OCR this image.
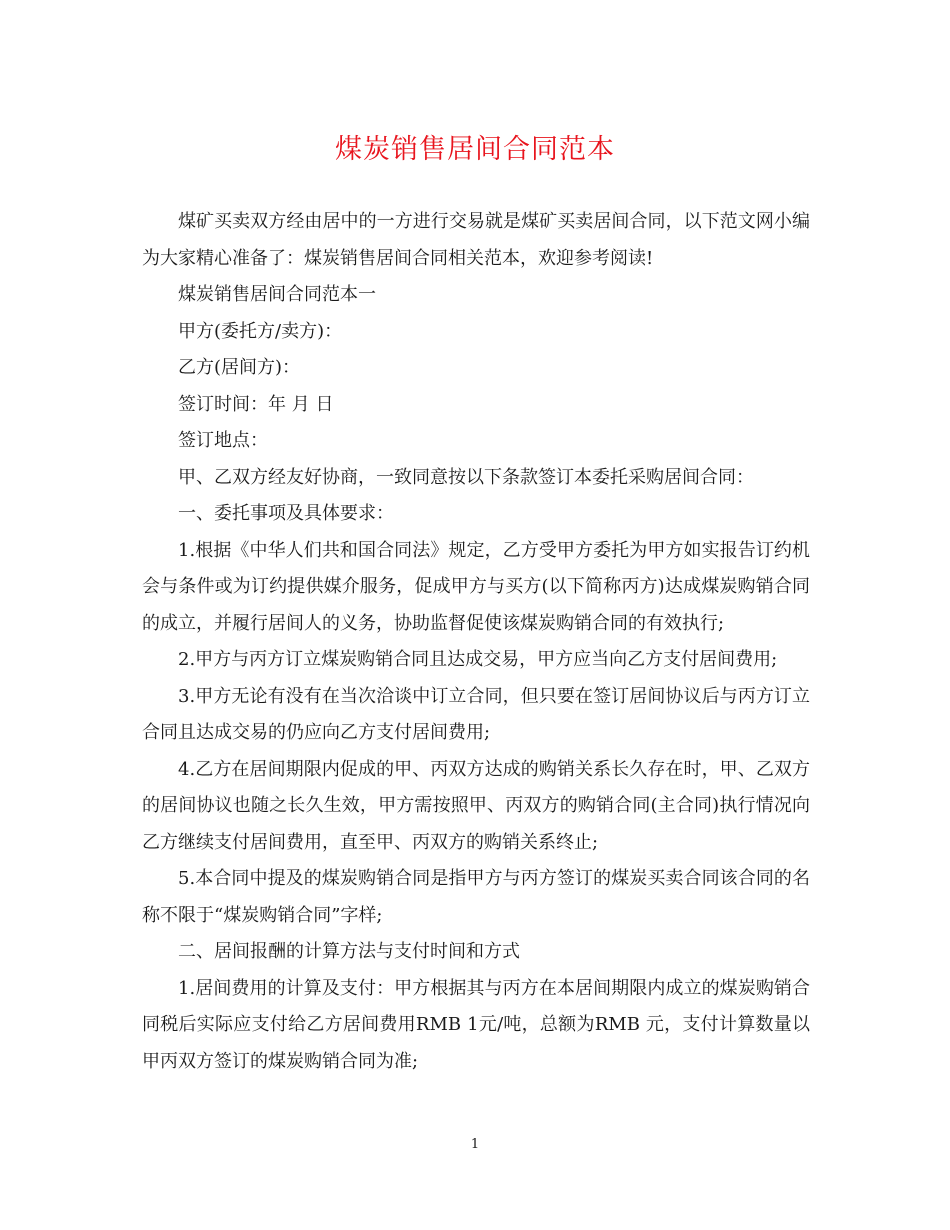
煤炭销售居间合同范本

煤矿买卖双方经由居中的一方进行交易就是煤矿买卖居间合同，以下范文网小编为大家精心准备了：煤炭销售居间合同相关范本，欢迎参考阅读!

煤炭销售居间合同范本一

甲方(委托方/卖方)：

乙方(居间方)：

签订时间：年 月 日

签订地点：

甲、乙双方经友好协商，一致同意按以下条款签订本委托采购居间合同：

一、委托事项及具体要求：

1.根据《中华人们共和国合同法》规定，乙方受甲方委托为甲方如实报告订约机会与条件或为订约提供媒介服务，促成甲方与买方(以下简称丙方)达成煤炭购销合同的成立，并履行居间人的义务，协助监督促使该煤炭购销合同的有效执行;

2.甲方与丙方订立煤炭购销合同且达成交易，甲方应当向乙方支付居间费用;

3.甲方无论有没有在当次洽谈中订立合同，但只要在签订居间协议后与丙方订立合同且达成交易的仍应向乙方支付居间费用;

4.乙方在居间期限内促成的甲、丙双方达成的购销关系长久存在时，甲、乙双方的居间协议也随之长久生效，甲方需按照甲、丙双方的购销合同(主合同)执行情况向乙方继续支付居间费用，直至甲、丙双方的购销关系终止;

5.本合同中提及的煤炭购销合同是指甲方与丙方签订的煤炭买卖合同该合同的名称不限于“煤炭购销合同”字样;

二、居间报酬的计算方法与支付时间和方式

1.居间费用的计算及支付：甲方根据其与丙方在本居间期限内成立的煤炭购销合同税后实际应支付给乙方居间费用RMB 1元/吨，总额为RMB 元，支付计算数量以甲丙双方签订的煤炭购销合同为准;

1
